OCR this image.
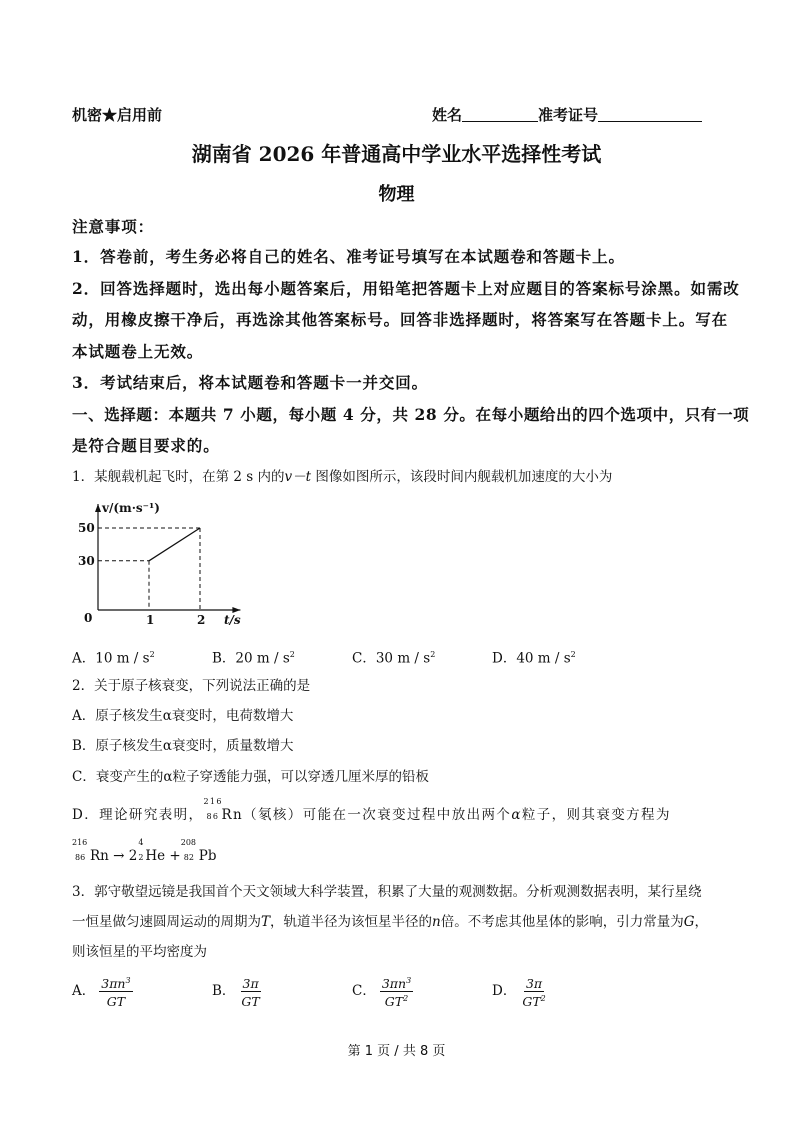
机密★启用前	姓名	准考证号
湖南省 2026 年普通高中学业水平选择性考试
物理
注意事项：
1．答卷前，考生务必将自己的姓名、准考证号填写在本试题卷和答题卡上。
2．回答选择题时，选出每小题答案后，用铅笔把答题卡上对应题目的答案标号涂黑。如需改
动，用橡皮擦干净后，再选涂其他答案标号。回答非选择题时，将答案写在答题卡上。写在
本试题卷上无效。
3．考试结束后，将本试题卷和答题卡一并交回。
一、选择题：本题共 7 小题，每小题 4 分，共 28 分。在每小题给出的四个选项中，只有一项
是符合题目要求的。
1．某舰载机起飞时，在第 2 s 内的v－t 图像如图所示，该段时间内舰载机加速度的大小为
50
30
0	1	2 t/s
v/(m·s⁻¹)
A．10 m / $s^2$	B．20 m / $s^2$	C．30 m / $s^2$	D．40 m / $s^2$
2．关于原子核衰变，下列说法正确的是
A．原子核发生α衰变时，电荷数增大
B．原子核发生α衰变时，质量数增大
C．衰变产生的α粒子穿透能力强，可以穿透几厘米厚的铅板
D．理论研究表明，
216
86 Rn（氡核）可能在一次衰变过程中放出两个α粒子，则其衰变方程为
216
86 Rn → 2
4
2 He +
208
82 Pb
3．郭守敬望远镜是我国首个天文领域大科学装置，积累了大量的观测数据。分析观测数据表明，某行星绕
一恒星做匀速圆周运动的周期为T，轨道半径为该恒星半径的n倍。不考虑其他星体的影响，引力常量为G，
则该恒星的平均密度为
A． $\frac{3\pi n^3}{GT}$	B． $\frac{3\pi}{GT}$	C． $\frac{3\pi n^3}{GT^2}$	D． $\frac{3\pi}{GT^2}$
第 1 页 / 共 8 页
